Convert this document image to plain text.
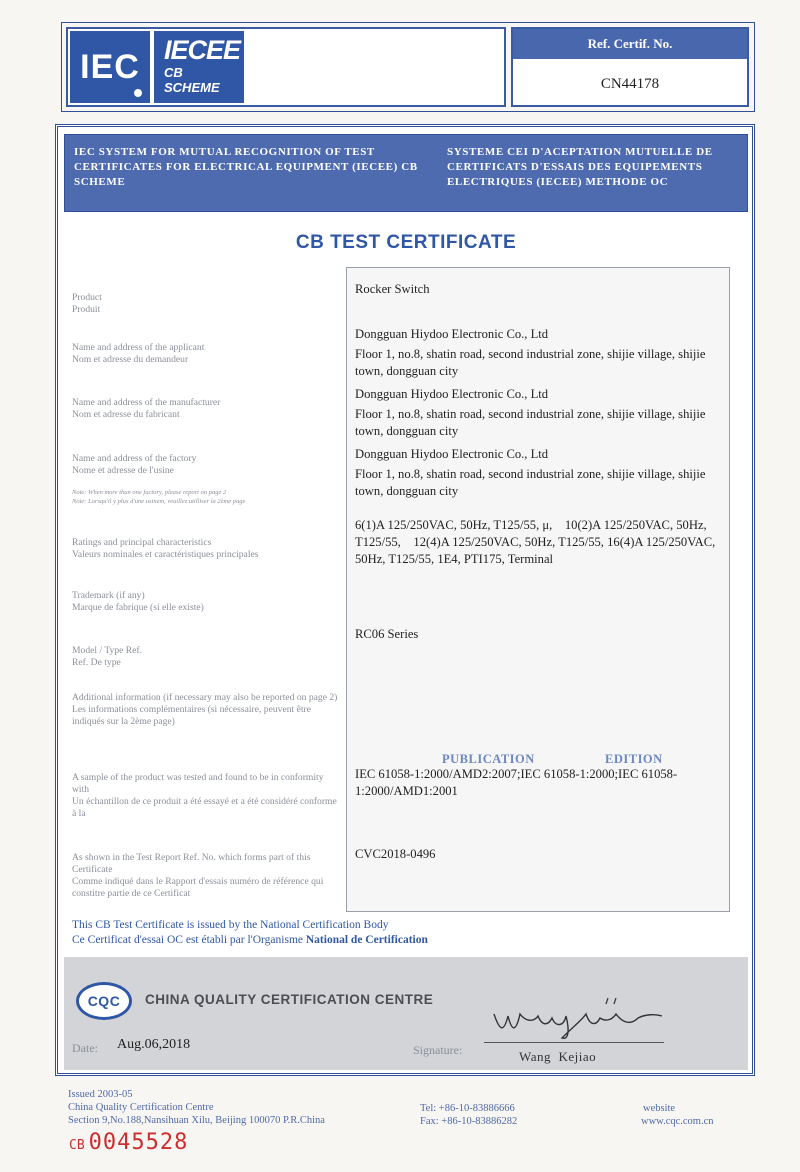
IEC IECEE
CB
SCHEME
Ref. Certif. No.
CN44178
IEC SYSTEM FOR MUTUAL RECOGNITION OF TEST CERTIFICATES FOR ELECTRICAL EQUIPMENT (IECEE) CB SCHEME
SYSTEME CEI D'ACEPTATION MUTUELLE DE CERTIFICATS D'ESSAIS DES EQUIPEMENTS ELECTRIQUES (IECEE) METHODE OC
CB TEST CERTIFICATE
Product
Produit
Rocker Switch
Name and address of the applicant
Nom et adresse du demandeur
Dongguan Hiydoo Electronic Co., Ltd
Floor 1, no.8, shatin road, second industrial zone, shijie village, shijie town, dongguan city
Name and address of the manufacturer
Nom et adresse du fabricant
Dongguan Hiydoo Electronic Co., Ltd
Floor 1, no.8, shatin road, second industrial zone, shijie village, shijie town, dongguan city
Name and address of the factory
Nome et adresse de l'usine
Note: When more than one factory, please report on page 2
Note: Lorsqu'il y plus d'une usinem, veuillez utilliser la 2ème page
Dongguan Hiydoo Electronic Co., Ltd
Floor 1, no.8, shatin road, second industrial zone, shijie village, shijie town, dongguan city
Ratings and principal characteristics
Valeurs nominales et caractéristiques principales
6(1)A 125/250VAC, 50Hz, T125/55, μ,    10(2)A 125/250VAC, 50Hz, T125/55,    12(4)A 125/250VAC, 50Hz, T125/55, 16(4)A 125/250VAC, 50Hz, T125/55, 1E4, PTI175, Terminal
Trademark (if any)
Marque de fabrique (si elle existe)
Model / Type Ref.
Ref. De type
RC06 Series
Additional information (if necessary may also be reported on page 2)
Les informations complémentaires (si nécessaire, peuvent être indiqués sur la 2ème page)
A sample of the product was tested and found to be in conformity with
Un échantillon de ce produit a été essayé et a été considéré conforme à la
PUBLICATION	EDITION
IEC 61058-1:2000/AMD2:2007;IEC 61058-1:2000;IEC 61058-1:2000/AMD1:2001
As shown in the Test Report Ref. No. which forms part of this Certificate
Comme indiqué dans le Rapport d'essais numéro de référence qui constitre partie de ce Certificat
CVC2018-0496
This CB Test Certificate is issued by the National Certification Body
Ce Certificat d'essai OC est établi par l'Organisme National de Certification
CQC	CHINA QUALITY CERTIFICATION CENTRE
Date: Aug.06,2018	Signature:	Wang  Kejiao
Issued 2003-05
China Quality Certification Centre
Section 9,No.188,Nansihuan Xilu, Beijing 100070 P.R.China
Tel: +86-10-83886666
Fax: +86-10-83886282
website
www.cqc.com.cn
CB 0045528
